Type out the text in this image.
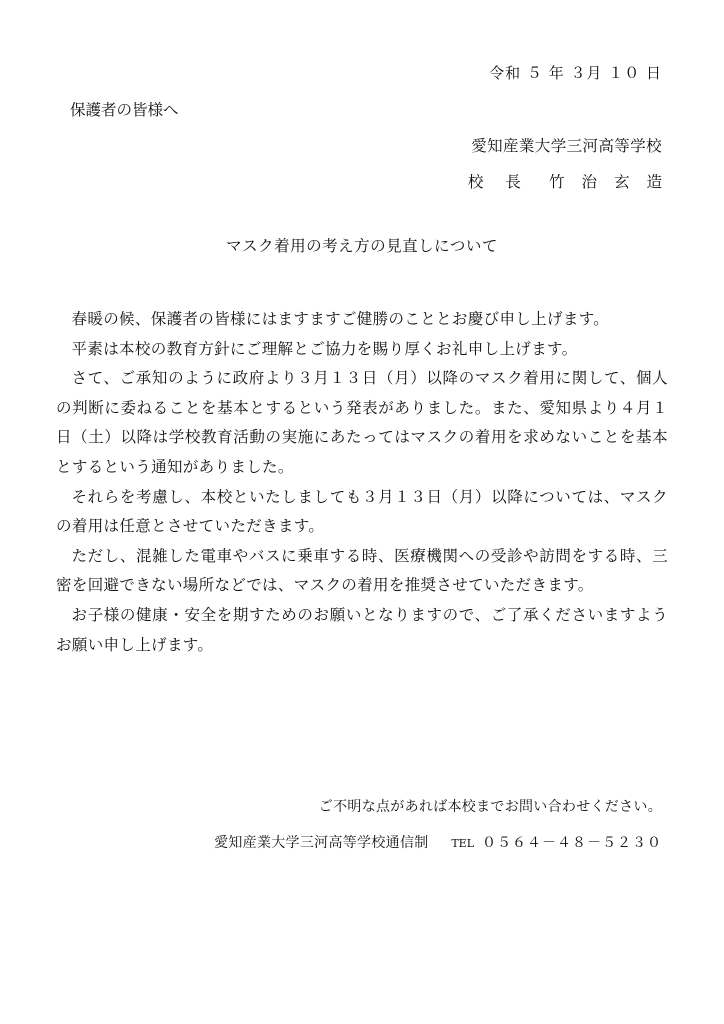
令和 ５ 年 ３月 １０ 日
保護者の皆様へ
愛知産業大学三河高等学校
校 長 竹 治 玄 造
マスク着用の考え方の見直しについて

春暖の候、保護者の皆様にはますますご健勝のこととお慶び申し上げます。

平素は本校の教育方針にご理解とご協力を賜り厚くお礼申し上げます。

さて、ご承知のように政府より３月１３日（月）以降のマスク着用に関して、個人の判断に委ねることを基本とするという発表がありました。また、愛知県より４月１日（土）以降は学校教育活動の実施にあたってはマスクの着用を求めないことを基本とするという通知がありました。

それらを考慮し、本校といたしましても３月１３日（月）以降については、マスクの着用は任意とさせていただきます。

ただし、混雑した電車やバスに乗車する時、医療機関への受診や訪問をする時、三密を回避できない場所などでは、マスクの着用を推奨させていただきます。

お子様の健康・安全を期すためのお願いとなりますので、ご了承くださいますようお願い申し上げます。

ご不明な点があれば本校までお問い合わせください。
愛知産業大学三河高等学校通信制 TEL ０５６４－４８－５２３０
